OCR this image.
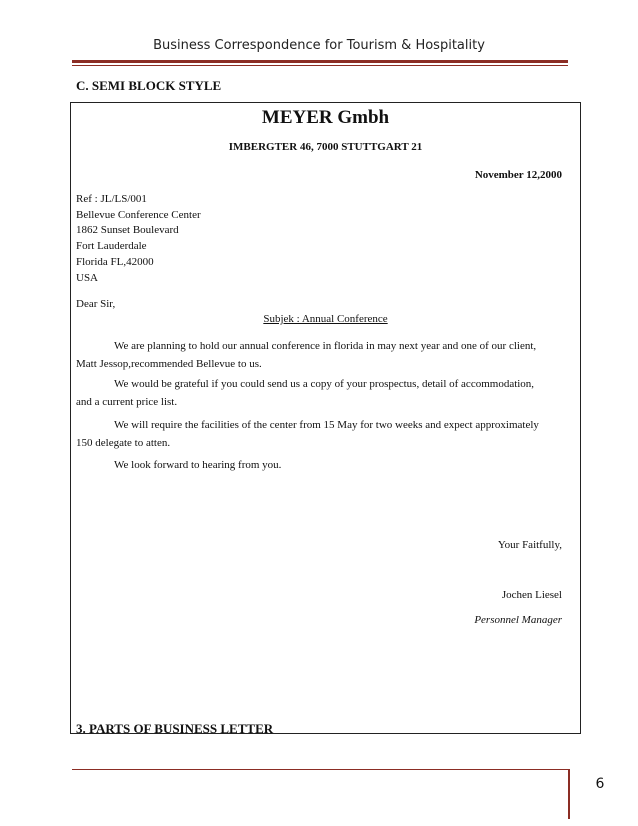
Business Correspondence for Tourism & Hospitality
C. SEMI BLOCK STYLE
MEYER Gmbh
IMBERGTER 46, 7000 STUTTGART 21
November 12,2000
Ref : JL/LS/001
Bellevue Conference Center
1862 Sunset Boulevard
Fort Lauderdale
Florida FL,42000
USA
Dear Sir,
Subjek : Annual Conference
We are planning to hold our annual conference in florida in may next year and one of our client,
Matt Jessop,recommended Bellevue to us.
We would be grateful if you could send us a copy of your prospectus, detail of accommodation,
and a current price list.
We will require the facilities of the center from 15 May for two weeks and expect approximately
150 delegate to atten.
We look forward to hearing from you.
Your Faitfully,
Jochen Liesel
Personnel Manager
3. PARTS OF BUSINESS LETTER
6
